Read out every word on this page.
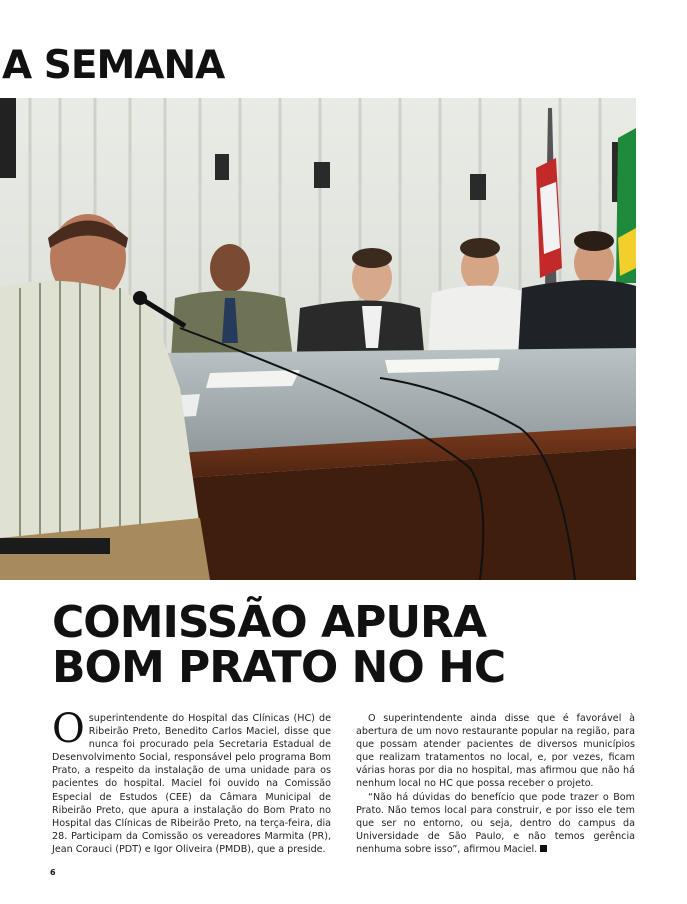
A SEMANA
COMISSÃO APURA
BOM PRATO NO HC

O superintendente do Hospital das Clínicas (HC) de Ribeirão Preto, Benedito Carlos Maciel, disse que nunca foi procurado pela Secretaria Estadual de Desenvolvimento Social, responsável pelo programa Bom Prato, a respeito da instalação de uma unidade para os pacientes do hospital. Maciel foi ouvido na Comissão Especial de Estudos (CEE) da Câmara Municipal de Ribeirão Preto, que apura a instalação do Bom Prato no Hospital das Clínicas de Ribeirão Preto, na terça-feira, dia 28. Participam da Comissão os vereadores Marmita (PR), Jean Corauci (PDT) e Igor Oliveira (PMDB), que a preside.

O superintendente ainda disse que é favorável à abertura de um novo restaurante popular na região, para que possam atender pacientes de diversos municípios que realizam tratamentos no local, e, por vezes, ficam várias horas por dia no hospital, mas afirmou que não há nenhum local no HC que possa receber o projeto.

“Não há dúvidas do benefício que pode trazer o Bom Prato. Não temos local para construir, e por isso ele tem que ser no entorno, ou seja, dentro do campus da Universidade de São Paulo, e não temos gerência nenhuma sobre isso”, afirmou Maciel.

6
